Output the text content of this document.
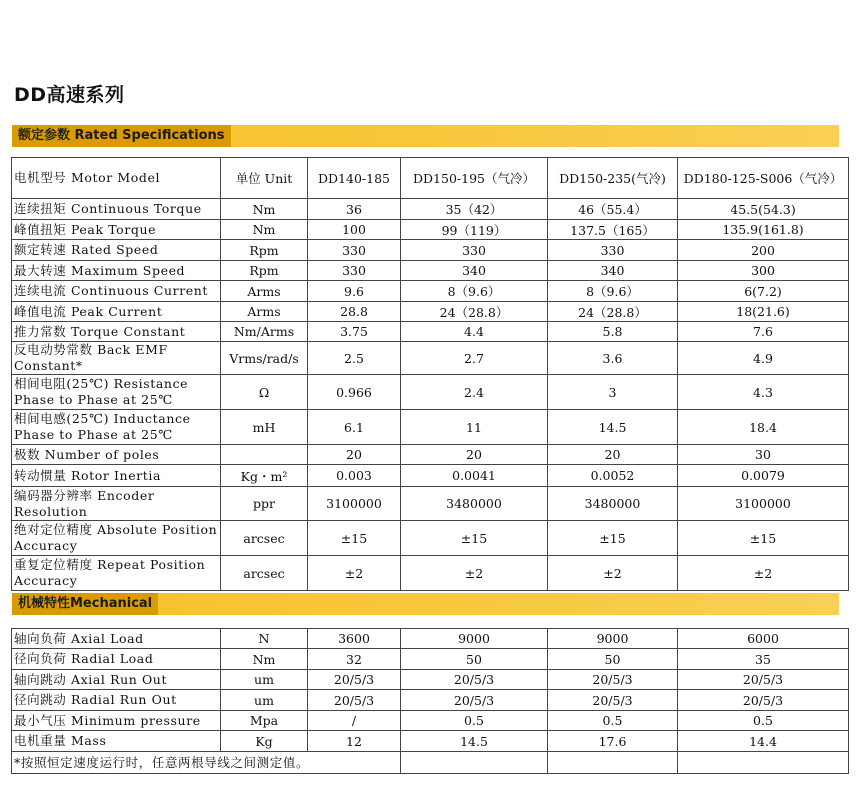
DD高速系列
额定参数 Rated Specifications
电机型号 Motor Model	单位 Unit	DD140-185	DD150-195（气冷）	DD150-235(气冷)	DD180-125-S006（气冷）
连续扭矩 Continuous Torque	Nm	36	35（42）	46（55.4）	45.5(54.3)
峰值扭矩 Peak Torque	Nm	100	99（119）	137.5（165）	135.9(161.8)
额定转速 Rated Speed	Rpm	330	330	330	200
最大转速 Maximum Speed	Rpm	330	340	340	300
连续电流 Continuous Current	Arms	9.6	8（9.6）	8（9.6）	6(7.2)
峰值电流 Peak Current	Arms	28.8	24（28.8）	24（28.8）	18(21.6)
推力常数 Torque Constant	Nm/Arms	3.75	4.4	5.8	7.6
反电动势常数 Back EMF Constant*	Vrms/rad/s	2.5	2.7	3.6	4.9
相间电阻(25℃) Resistance Phase to Phase at 25℃	Ω	0.966	2.4	3	4.3
相间电感(25℃) Inductance Phase to Phase at 25℃	mH	6.1	11	14.5	18.4
极数 Number of poles		20	20	20	30
转动惯量 Rotor Inertia	Kg・m²	0.003	0.0041	0.0052	0.0079
编码器分辨率 Encoder Resolution	ppr	3100000	3480000	3480000	3100000
绝对定位精度 Absolute Position Accuracy	arcsec	±15	±15	±15	±15
重复定位精度 Repeat Position Accuracy	arcsec	±2	±2	±2	±2
机械特性Mechanical
轴向负荷 Axial Load	N	3600	9000	9000	6000
径向负荷 Radial Load	Nm	32	50	50	35
轴向跳动 Axial Run Out	um	20/5/3	20/5/3	20/5/3	20/5/3
径向跳动 Radial Run Out	um	20/5/3	20/5/3	20/5/3	20/5/3
最小气压 Minimum pressure	Mpa	/	0.5	0.5	0.5
电机重量 Mass	Kg	12	14.5	17.6	14.4
*按照恒定速度运行时，任意两根导线之间测定值。					
